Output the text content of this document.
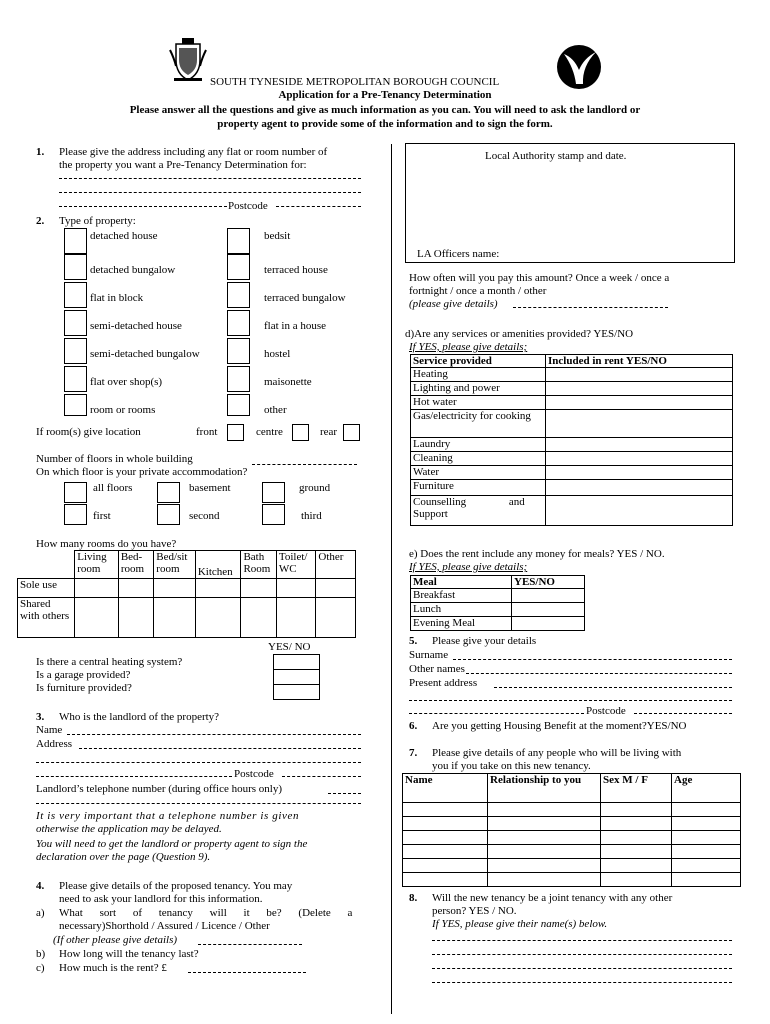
SOUTH TYNESIDE METROPOLITAN BOROUGH COUNCIL
Application for a Pre-Tenancy Determination
Please answer all the questions and give as much information as you can. You will need to ask the landlord or
property agent to provide some of the information and to sign the form.
1. Please give the address including any flat or room number of
the property you want a Pre-Tenancy Determination for:
Postcode
2. Type of property:
detached house	bedsit
detached bungalow	terraced house
flat in block	terraced bungalow
semi-detached house	flat in a house
semi-detached bungalow	hostel
flat over shop(s)	maisonette
room or rooms	other
If room(s) give location	front	centre	rear
Number of floors in whole building
On which floor is your private accommodation?
all floors	basement	ground
first	second	third
How many rooms do you have?
	Living room	Bed-room	Bed/sit room	Kitchen	Bath Room	Toilet/ WC	Other
Sole use							
Shared with others							
YES/ NO
Is there a central heating system?
Is a garage provided?
Is furniture provided?
3. Who is the landlord of the property?
Name
Address
Postcode
Landlord’s telephone number (during office hours only)
It is very important that a telephone number is given
otherwise the application may be delayed.
You will need to get the landlord or property agent to sign the
declaration over the page (Question 9).
4. Please give details of the proposed tenancy. You may
need to ask your landlord for this information.
a) What sort of tenancy will it be? (Delete a
necessary)Shorthold / Assured / Licence / Other
(If other please give details)
b) How long will the tenancy last?
c) How much is the rent? £
Local Authority stamp and date.
LA Officers name:
How often will you pay this amount? Once a week / once a
fortnight / once a month / other
(please give details)
d)Are any services or amenities provided? YES/NO
If YES, please give details;
Service provided	Included in rent YES/NO
Heating	
Lighting and power	
Hot water	
Gas/electricity for cooking	
Laundry	
Cleaning	
Water	
Furniture	
Counselling and Support	
e) Does the rent include any money for meals? YES / NO.
If YES, please give details;
Meal	YES/NO
Breakfast	
Lunch	
Evening Meal	
5. Please give your details
Surname
Other names
Present address
Postcode
6. Are you getting Housing Benefit at the moment?YES/NO
7. Please give details of any people who will be living with
you if you take on this new tenancy.
Name	Relationship to you	Sex M / F	Age

8. Will the new tenancy be a joint tenancy with any other
person? YES / NO.
If YES, please give their name(s) below.
